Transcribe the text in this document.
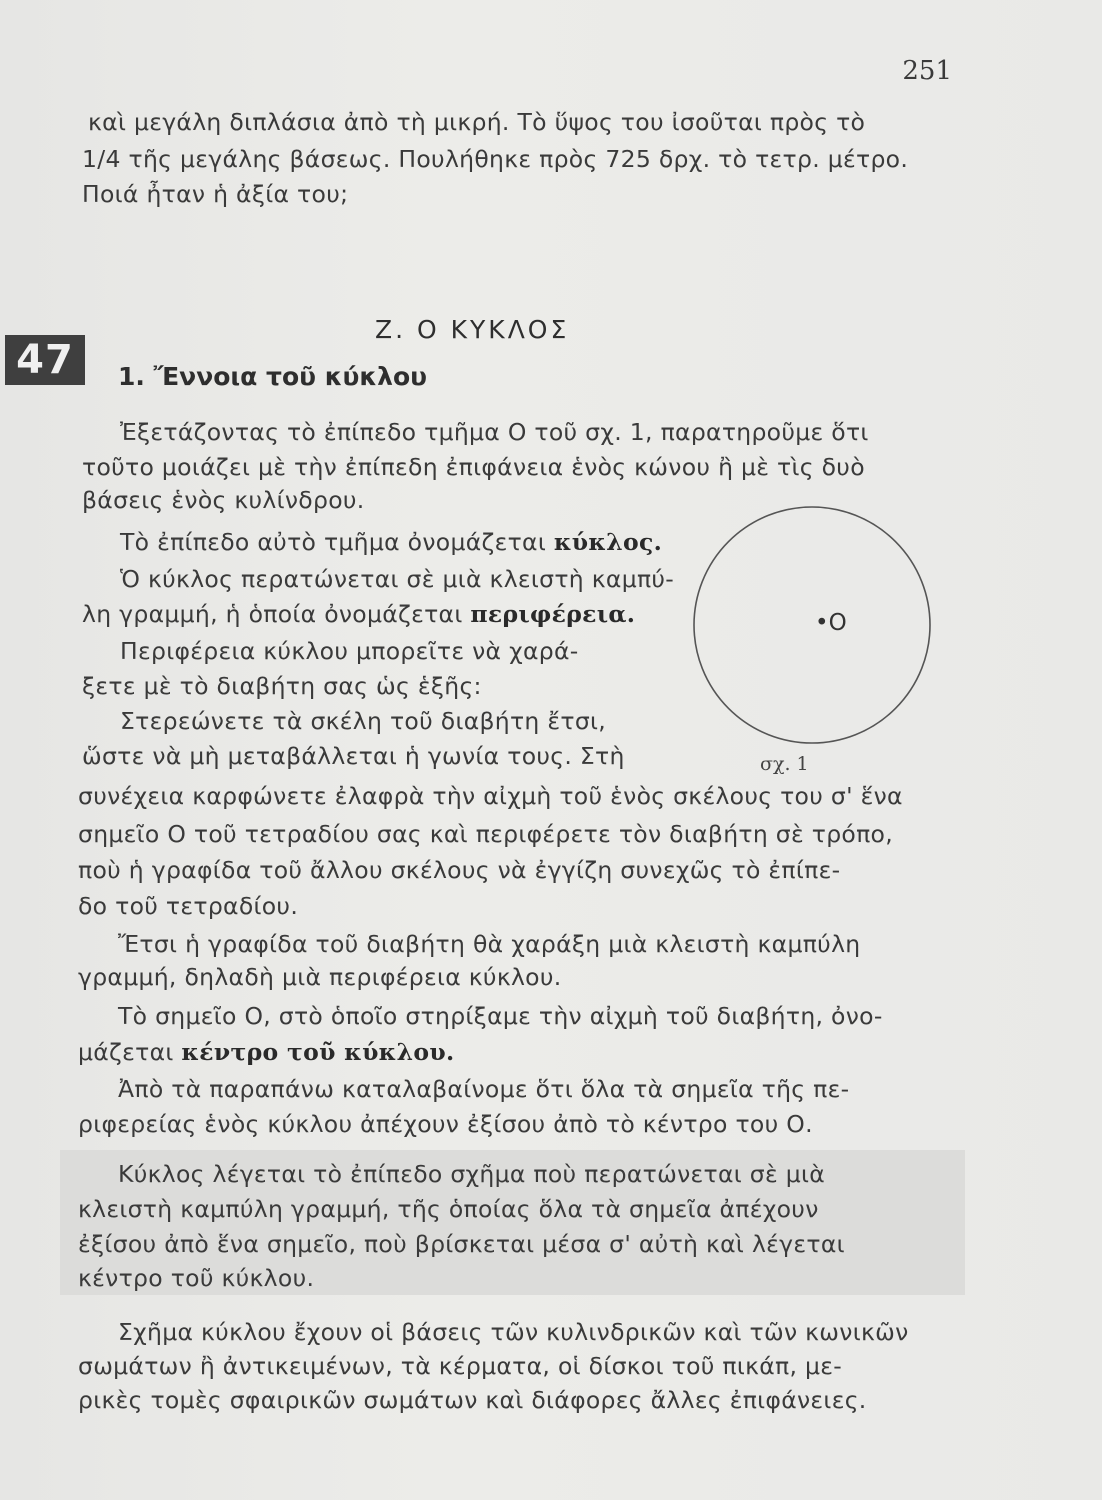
251
καὶ μεγάλη διπλάσια ἀπὸ τὴ μικρή. Τὸ ὕψος του ἰσοῦται πρὸς τὸ
1/4 τῆς μεγάλης βάσεως. Πουλήθηκε πρὸς 725 δρχ. τὸ τετρ. μέτρο.
Ποιά ἦταν ἡ ἀξία του;
47
Ζ. Ο ΚΥΚΛΟΣ
1. Ἔννοια τοῦ κύκλου
Ἐξετάζοντας τὸ ἐπίπεδο τμῆμα Ο τοῦ σχ. 1, παρατηροῦμε ὅτι
τοῦτο μοιάζει μὲ τὴν ἐπίπεδη ἐπιφάνεια ἑνὸς κώνου ἢ μὲ τὶς δυὸ
βάσεις ἑνὸς κυλίνδρου.
Τὸ ἐπίπεδο αὐτὸ τμῆμα ὀνομάζεται κύκλος.
Ὁ κύκλος περατώνεται σὲ μιὰ κλειστὴ καμπύ-
λη γραμμή, ἡ ὁποία ὀνομάζεται περιφέρεια.
Περιφέρεια κύκλου μπορεῖτε νὰ χαρά-
ξετε μὲ τὸ διαβήτη σας ὡς ἑξῆς:
Στερεώνετε τὰ σκέλη τοῦ διαβήτη ἔτσι,
ὥστε νὰ μὴ μεταβάλλεται ἡ γωνία τους. Στὴ
συνέχεια καρφώνετε ἐλαφρὰ τὴν αἰχμὴ τοῦ ἑνὸς σκέλους του σ' ἕνα
σημεῖο Ο τοῦ τετραδίου σας καὶ περιφέρετε τὸν διαβήτη σὲ τρόπο,
ποὺ ἡ γραφίδα τοῦ ἄλλου σκέλους νὰ ἐγγίζη συνεχῶς τὸ ἐπίπε-
δο τοῦ τετραδίου.
Ἔτσι ἡ γραφίδα τοῦ διαβήτη θὰ χαράξη μιὰ κλειστὴ καμπύλη
γραμμή, δηλαδὴ μιὰ περιφέρεια κύκλου.
Τὸ σημεῖο Ο, στὸ ὁποῖο στηρίξαμε τὴν αἰχμὴ τοῦ διαβήτη, ὀνο-
μάζεται κέντρο τοῦ κύκλου.
Ἀπὸ τὰ παραπάνω καταλαβαίνομε ὅτι ὅλα τὰ σημεῖα τῆς πε-
ριφερείας ἑνὸς κύκλου ἀπέχουν ἐξίσου ἀπὸ τὸ κέντρο του Ο.
Κύκλος λέγεται τὸ ἐπίπεδο σχῆμα ποὺ περατώνεται σὲ μιὰ
κλειστὴ καμπύλη γραμμή, τῆς ὁποίας ὅλα τὰ σημεῖα ἀπέχουν
ἐξίσου ἀπὸ ἕνα σημεῖο, ποὺ βρίσκεται μέσα σ' αὐτὴ καὶ λέγεται
κέντρο τοῦ κύκλου.
Σχῆμα κύκλου ἔχουν οἱ βάσεις τῶν κυλινδρικῶν καὶ τῶν κωνικῶν
σωμάτων ἢ ἀντικειμένων, τὰ κέρματα, οἱ δίσκοι τοῦ πικάπ, με-
ρικὲς τομὲς σφαιρικῶν σωμάτων καὶ διάφορες ἄλλες ἐπιφάνειες.
•O
σχ. 1
